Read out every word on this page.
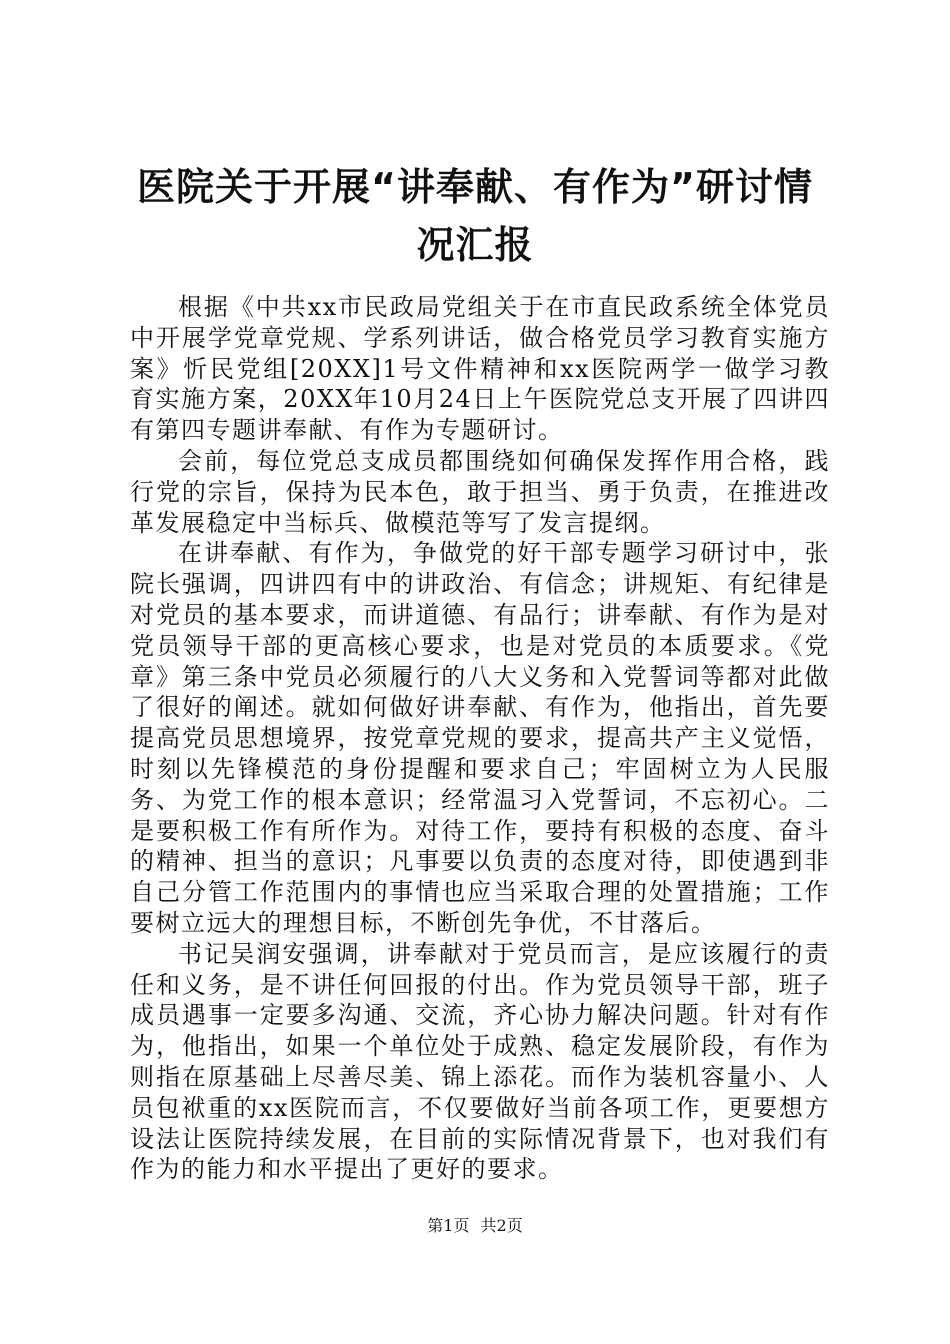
医院关于开展“讲奉献、有作为”研讨情况汇报

根据《中共xx市民政局党组关于在市直民政系统全体党员中开展学党章党规、学系列讲话，做合格党员学习教育实施方案》忻民党组[20XX]1号文件精神和xx医院两学一做学习教育实施方案，20XX年10月24日上午医院党总支开展了四讲四有第四专题讲奉献、有作为专题研讨。

会前，每位党总支成员都围绕如何确保发挥作用合格，践行党的宗旨，保持为民本色，敢于担当、勇于负责，在推进改革发展稳定中当标兵、做模范等写了发言提纲。

在讲奉献、有作为，争做党的好干部专题学习研讨中，张院长强调，四讲四有中的讲政治、有信念；讲规矩、有纪律是对党员的基本要求，而讲道德、有品行；讲奉献、有作为是对党员领导干部的更高核心要求，也是对党员的本质要求。《党章》第三条中党员必须履行的八大义务和入党誓词等都对此做了很好的阐述。就如何做好讲奉献、有作为，他指出，首先要提高党员思想境界，按党章党规的要求，提高共产主义觉悟，时刻以先锋模范的身份提醒和要求自己；牢固树立为人民服务、为党工作的根本意识；经常温习入党誓词，不忘初心。二是要积极工作有所作为。对待工作，要持有积极的态度、奋斗的精神、担当的意识；凡事要以负责的态度对待，即使遇到非自己分管工作范围内的事情也应当采取合理的处置措施；工作要树立远大的理想目标，不断创先争优，不甘落后。

书记吴润安强调，讲奉献对于党员而言，是应该履行的责任和义务，是不讲任何回报的付出。作为党员领导干部，班子成员遇事一定要多沟通、交流，齐心协力解决问题。针对有作为，他指出，如果一个单位处于成熟、稳定发展阶段，有作为则指在原基础上尽善尽美、锦上添花。而作为装机容量小、人员包袱重的xx医院而言，不仅要做好当前各项工作，更要想方设法让医院持续发展，在目前的实际情况背景下，也对我们有作为的能力和水平提出了更好的要求。

第1页 共2页
